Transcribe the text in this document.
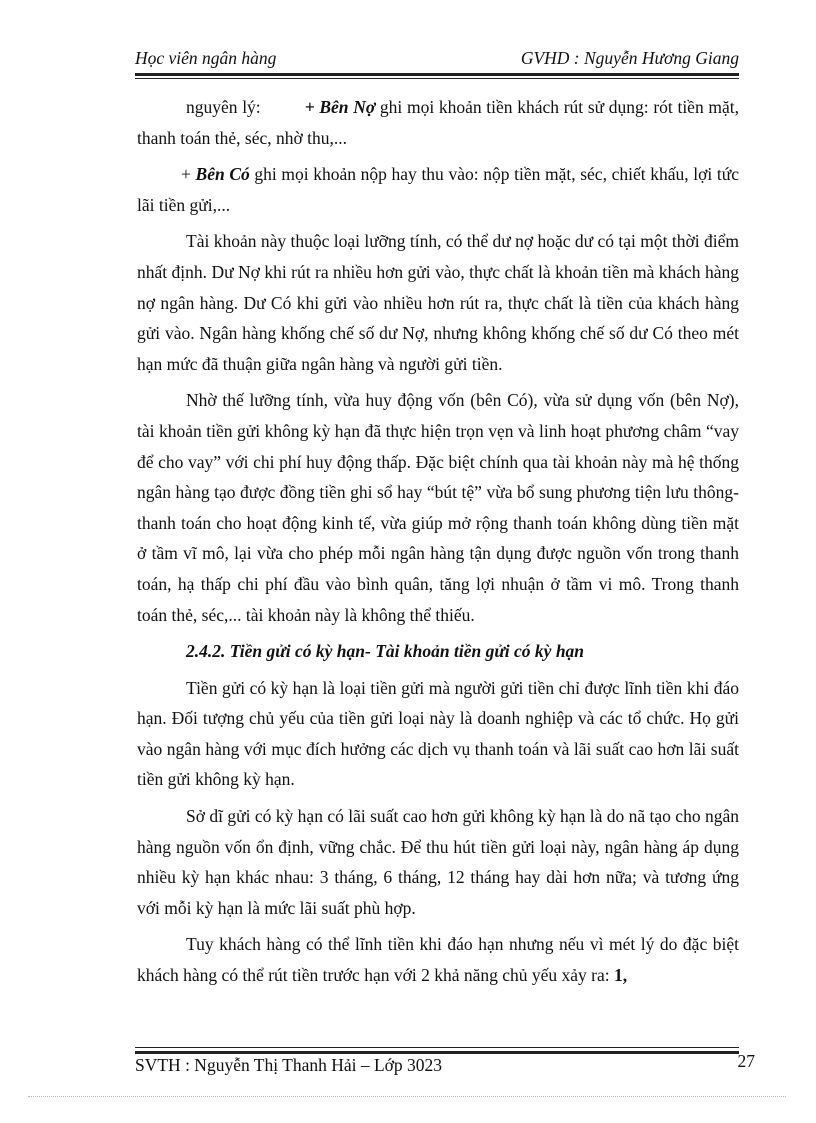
Học viên ngân hàng	GVHD : Nguyễn Hương Giang

nguyên lý:	+ Bên Nợ ghi mọi khoản tiền khách rút sử dụng: rót tiền mặt, thanh toán thẻ, séc, nhờ thu,...

+ Bên Có ghi mọi khoản nộp hay thu vào: nộp tiền mặt, séc, chiết khấu, lợi tức lãi tiền gửi,...

Tài khoản này thuộc loại lưỡng tính, có thể dư nợ hoặc dư có tại một thời điểm nhất định. Dư Nợ khi rút ra nhiều hơn gửi vào, thực chất là khoản tiền mà khách hàng nợ ngân hàng. Dư Có khi gửi vào nhiều hơn rút ra, thực chất là tiền của khách hàng gửi vào. Ngân hàng khống chế số dư Nợ, nhưng không khống chế số dư Có theo mét hạn mức đã thuận giữa ngân hàng và người gửi tiền.

Nhờ thế lưỡng tính, vừa huy động vốn (bên Có), vừa sử dụng vốn (bên Nợ), tài khoản tiền gửi không kỳ hạn đã thực hiện trọn vẹn và linh hoạt phương châm “vay để cho vay” với chi phí huy động thấp. Đặc biệt chính qua tài khoản này mà hệ thống ngân hàng tạo được đồng tiền ghi sổ hay “bút tệ” vừa bổ sung phương tiện lưu thông- thanh toán cho hoạt động kinh tế, vừa giúp mở rộng thanh toán không dùng tiền mặt ở tầm vĩ mô, lại vừa cho phép mỗi ngân hàng tận dụng được nguồn vốn trong thanh toán, hạ thấp chi phí đầu vào bình quân, tăng lợi nhuận ở tầm vi mô. Trong thanh toán thẻ, séc,... tài khoản này là không thể thiếu.

2.4.2. Tiền gửi có kỳ hạn- Tài khoản tiền gửi có kỳ hạn

Tiền gửi có kỳ hạn là loại tiền gửi mà người gửi tiền chỉ được lĩnh tiền khi đáo hạn. Đối tượng chủ yếu của tiền gửi loại này là doanh nghiệp và các tổ chức. Họ gửi vào ngân hàng với mục đích hưởng các dịch vụ thanh toán và lãi suất cao hơn lãi suất tiền gửi không kỳ hạn.

Sở dĩ gửi có kỳ hạn có lãi suất cao hơn gửi không kỳ hạn là do nã tạo cho ngân hàng nguồn vốn ổn định, vững chắc. Để thu hút tiền gửi loại này, ngân hàng áp dụng nhiều kỳ hạn khác nhau: 3 tháng, 6 tháng, 12 tháng hay dài hơn nữa; và tương ứng với mỗi kỳ hạn là mức lãi suất phù hợp.

Tuy khách hàng có thể lĩnh tiền khi đáo hạn nhưng nếu vì mét lý do đặc biệt khách hàng có thể rút tiền trước hạn với 2 khả năng chủ yếu xảy ra: 1,

SVTH : Nguyễn Thị Thanh Hải – Lớp 3023	27
